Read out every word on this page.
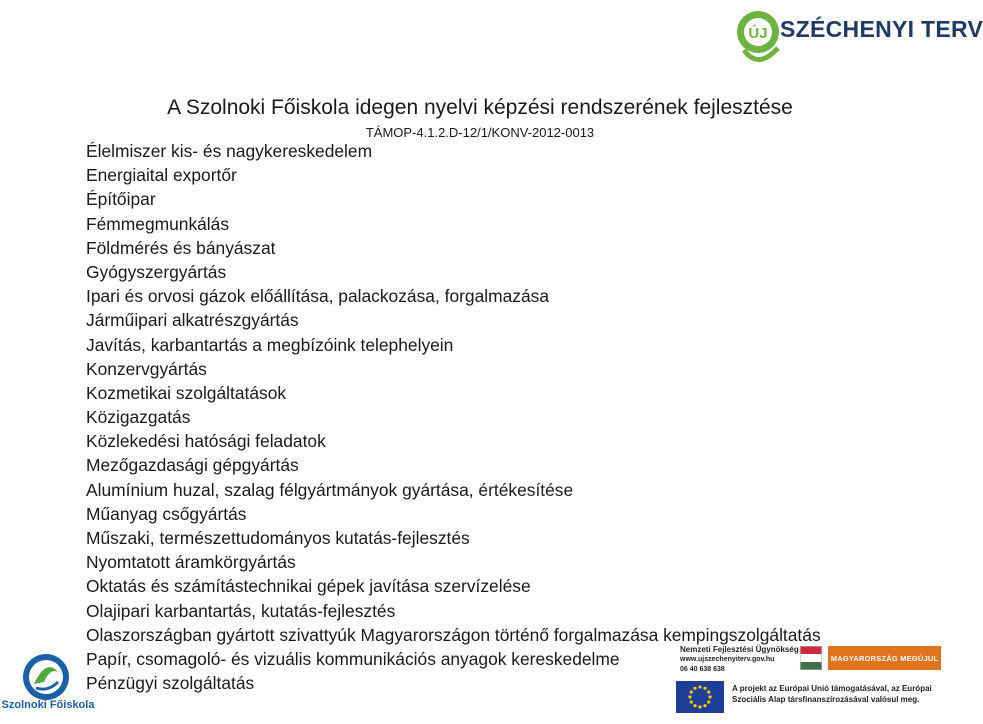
ÚJ SZÉCHENYI TERV
A Szolnoki Főiskola idegen nyelvi képzési rendszerének fejlesztése
TÁMOP-4.1.2.D-12/1/KONV-2012-0013
Élelmiszer kis- és nagykereskedelem
Energiaital exportőr
Építőipar
Fémmegmunkálás
Földmérés és bányászat
Gyógyszergyártás
Ipari és orvosi gázok előállítása, palackozása, forgalmazása
Járműipari alkatrészgyártás
Javítás, karbantartás a megbízóink telephelyein
Konzervgyártás
Kozmetikai szolgáltatások
Közigazgatás
Közlekedési hatósági feladatok
Mezőgazdasági gépgyártás
Alumínium huzal, szalag félgyártmányok gyártása, értékesítése
Műanyag csőgyártás
Műszaki, természettudományos kutatás-fejlesztés
Nyomtatott áramkörgyártás
Oktatás és számítástechnikai gépek javítása szervízelése
Olajipari karbantartás, kutatás-fejlesztés
Olaszországban gyártott szivattyúk Magyarországon történő forgalmazása kempingszolgáltatás
Papír, csomagoló- és vizuális kommunikációs anyagok kereskedelme
Pénzügyi szolgáltatás
Szolnoki Főiskola
Nemzeti Fejlesztési Ügynökség
www.ujszechenyiterv.gov.hu
06 40 638 638
MAGYARORSZÁG MEGÚJUL
A projekt az Európai Unió támogatásával, az Európai
Szociális Alap társfinanszírozásával valósul meg.
